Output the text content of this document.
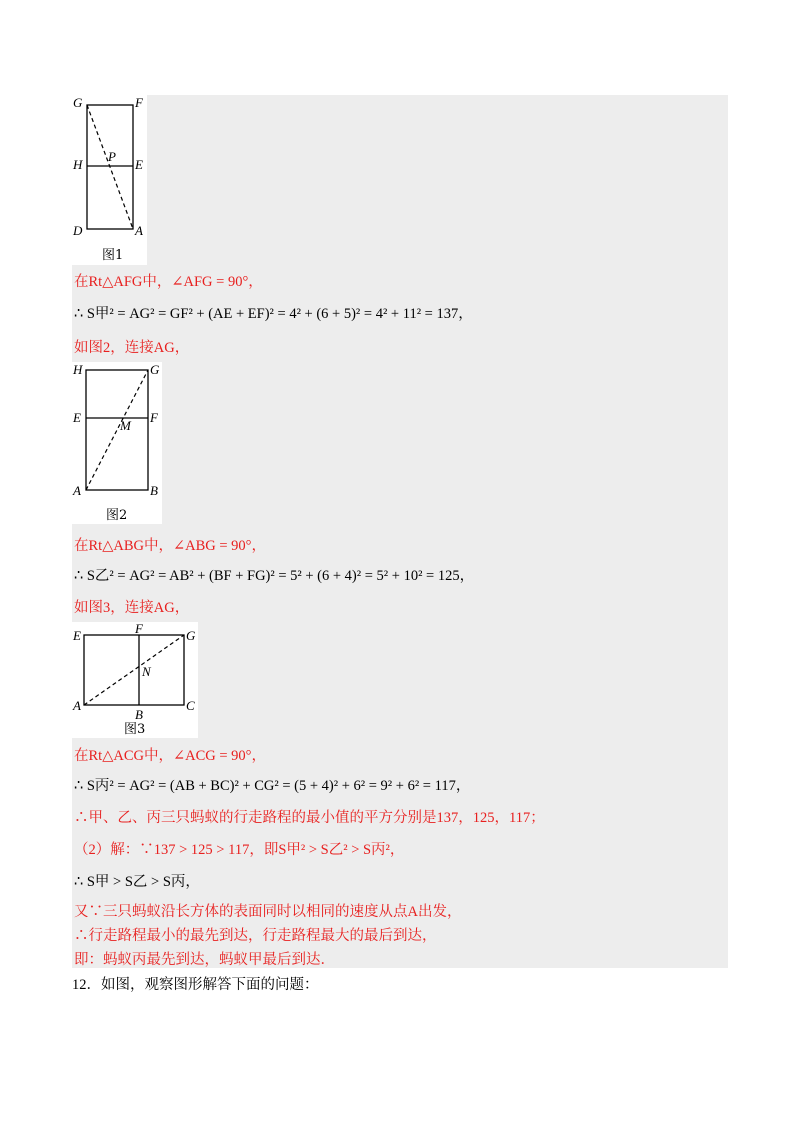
G	F
H	E
P
D	A
图1
在Rt△AFG中，∠AFG = 90°，
∴ S甲² = AG² = GF² + (AE + EF)² = 4² + (6 + 5)² = 4² + 11² = 137，
如图2，连接AG，
H	G
E	F
M
A	B
图2
在Rt△ABG中，∠ABG = 90°，
∴ S乙² = AG² = AB² + (BF + FG)² = 5² + (6 + 4)² = 5² + 10² = 125，
如图3，连接AG，
E	F	G
N
A
B
C
图3
在Rt△ACG中，∠ACG = 90°，
∴ S丙² = AG² = (AB + BC)² + CG² = (5 + 4)² + 6² = 9² + 6² = 117，
∴甲、乙、丙三只蚂蚁的行走路程的最小值的平方分别是137，125，117；
（2）解：∵137 > 125 > 117，即S甲² > S乙² > S丙²，
∴ S甲 > S乙 > S丙，
又∵三只蚂蚁沿长方体的表面同时以相同的速度从点A出发，
∴行走路程最小的最先到达，行走路程最大的最后到达，
即：蚂蚁丙最先到达，蚂蚁甲最后到达．
12．如图，观察图形解答下面的问题：
